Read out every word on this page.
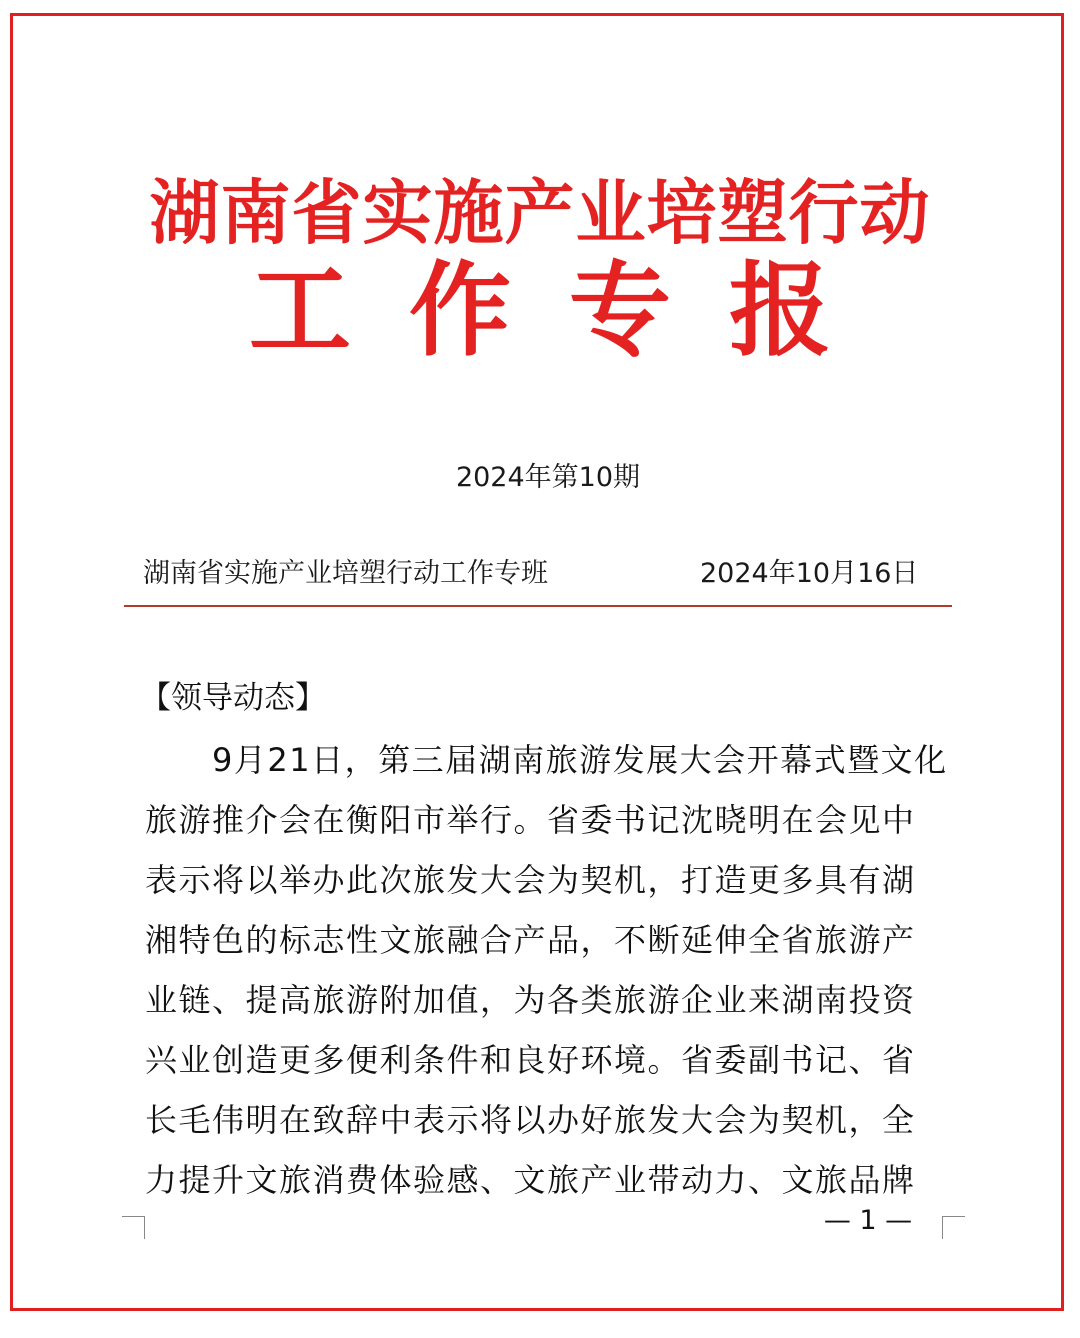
湖南省实施产业培塑行动
工作专报
2024年第10期
湖南省实施产业培塑行动工作专班	2024年10月16日
【领导动态】
　　9月21日，第三届湖南旅游发展大会开幕式暨文化
旅游推介会在衡阳市举行。省委书记沈晓明在会见中
表示将以举办此次旅发大会为契机，打造更多具有湖
湘特色的标志性文旅融合产品，不断延伸全省旅游产
业链、提高旅游附加值，为各类旅游企业来湖南投资
兴业创造更多便利条件和良好环境。省委副书记、省
长毛伟明在致辞中表示将以办好旅发大会为契机，全
力提升文旅消费体验感、文旅产业带动力、文旅品牌
— 1 —
